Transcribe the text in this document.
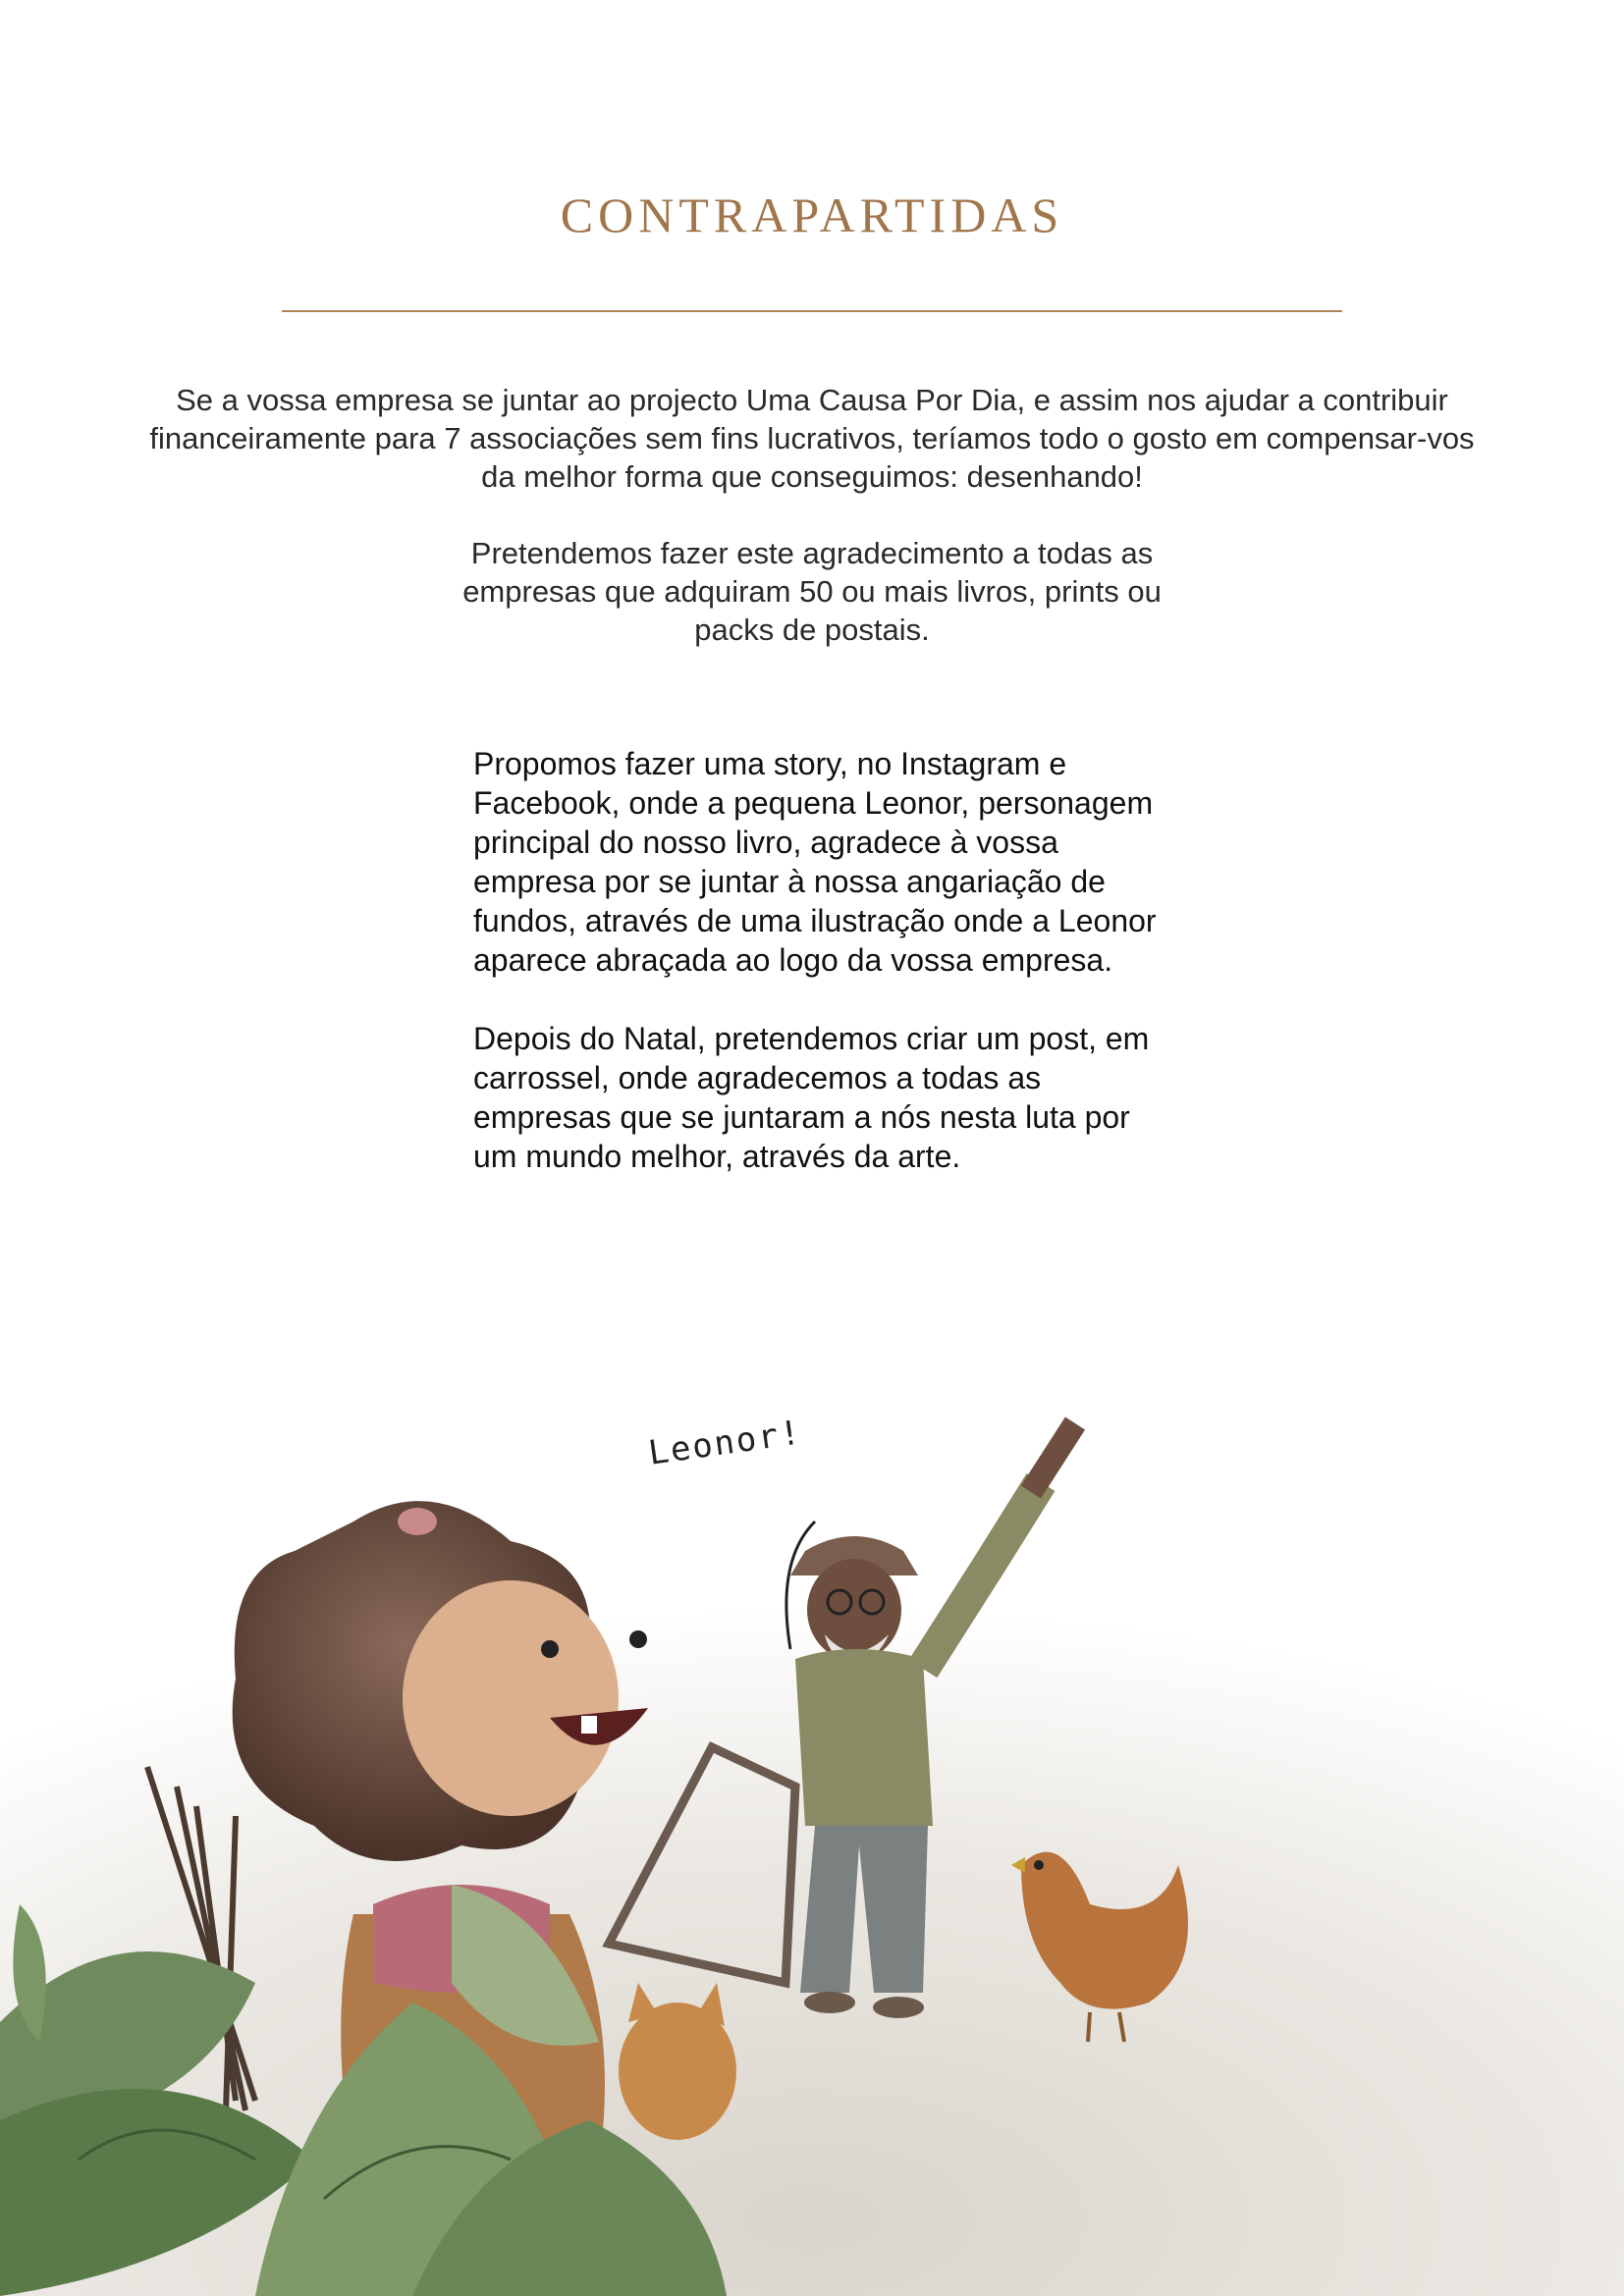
CONTRAPARTIDAS

Se a vossa empresa se juntar ao projecto Uma Causa Por Dia, e assim nos ajudar a contribuir financeiramente para 7 associações sem fins lucrativos, teríamos todo o gosto em compensar-vos da melhor forma que conseguimos: desenhando!

Pretendemos fazer este agradecimento a todas as empresas que adquiram 50 ou mais livros, prints ou packs de postais.

Propomos fazer uma story, no Instagram e Facebook, onde a pequena Leonor, personagem principal do nosso livro, agradece à vossa empresa por se juntar à nossa angariação de fundos, através de uma ilustração onde a Leonor aparece abraçada ao logo da vossa empresa.

Depois do Natal, pretendemos criar um post, em carrossel, onde agradecemos a todas as empresas que se juntaram a nós nesta luta por um mundo melhor, através da arte.

Leonor!
